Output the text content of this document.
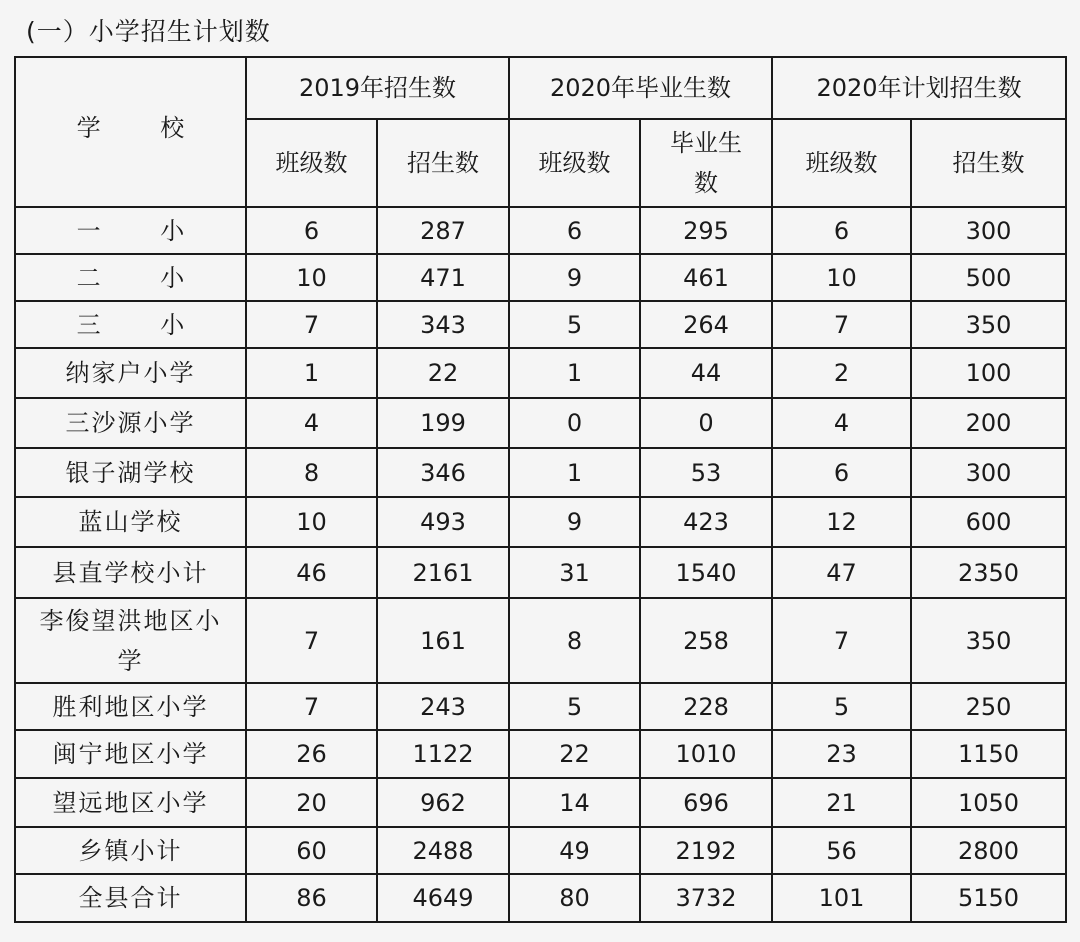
(一）小学招生计划数
学 校	2019年招生数		2020年毕业生数		2020年计划招生数	
	班级数	招生数	班级数	毕业生数	班级数	招生数
一 小	6	287	6	295	6	300
二 小	10	471	9	461	10	500
三 小	7	343	5	264	7	350
纳家户小学	1	22	1	44	2	100
三沙源小学	4	199	0	0	4	200
银子湖学校	8	346	1	53	6	300
蓝山学校	10	493	9	423	12	600
县直学校小计	46	2161	31	1540	47	2350
李俊望洪地区小学	7	161	8	258	7	350
胜利地区小学	7	243	5	228	5	250
闽宁地区小学	26	1122	22	1010	23	1150
望远地区小学	20	962	14	696	21	1050
乡镇小计	60	2488	49	2192	56	2800
全县合计	86	4649	80	3732	101	5150
